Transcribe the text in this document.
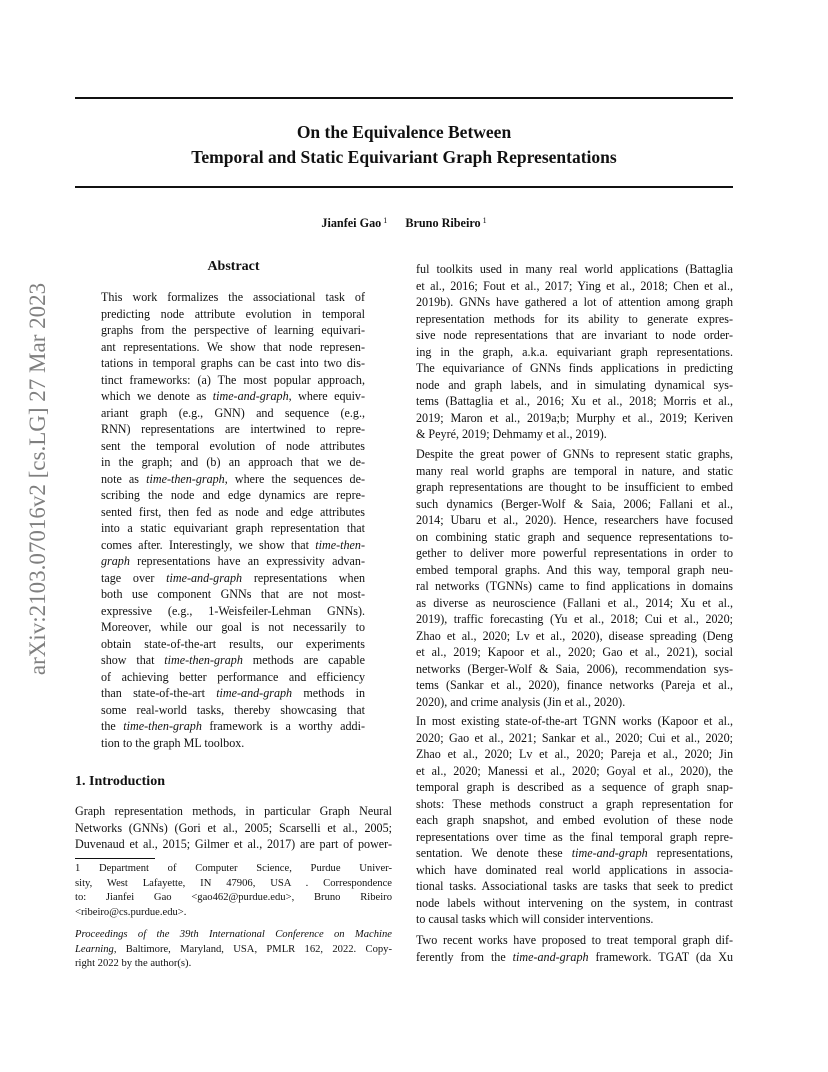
On the Equivalence Between
Temporal and Static Equivariant Graph Representations
Jianfei Gao $^1$ Bruno Ribeiro $^1$
arXiv:2103.07016v2 [cs.LG] 27 Mar 2023
Abstract
This work formalizes the associational task of
predicting node attribute evolution in temporal
graphs from the perspective of learning equivari-
ant representations. We show that node represen-
tations in temporal graphs can be cast into two dis-
tinct frameworks: (a) The most popular approach,
which we denote as time-and-graph, where equiv-
ariant graph (e.g., GNN) and sequence (e.g.,
RNN) representations are intertwined to repre-
sent the temporal evolution of node attributes
in the graph; and (b) an approach that we de-
note as time-then-graph, where the sequences de-
scribing the node and edge dynamics are repre-
sented first, then fed as node and edge attributes
into a static equivariant graph representation that
comes after. Interestingly, we show that time-then-
graph representations have an expressivity advan-
tage over time-and-graph representations when
both use component GNNs that are not most-
expressive (e.g., 1-Weisfeiler-Lehman GNNs).
Moreover, while our goal is not necessarily to
obtain state-of-the-art results, our experiments
show that time-then-graph methods are capable
of achieving better performance and efficiency
than state-of-the-art time-and-graph methods in
some real-world tasks, thereby showcasing that
the time-then-graph framework is a worthy addi-
tion to the graph ML toolbox.
1. Introduction
Graph representation methods, in particular Graph Neural
Networks (GNNs) (Gori et al., 2005; Scarselli et al., 2005;
Duvenaud et al., 2015; Gilmer et al., 2017) are part of power-
1 Department of Computer Science, Purdue Univer-
sity, West Lafayette, IN 47906, USA . Correspondence
to: Jianfei Gao <gao462@purdue.edu>, Bruno Ribeiro
<ribeiro@cs.purdue.edu>.
Proceedings of the 39th International Conference on Machine
Learning, Baltimore, Maryland, USA, PMLR 162, 2022. Copy-
right 2022 by the author(s).
ful toolkits used in many real world applications (Battaglia
et al., 2016; Fout et al., 2017; Ying et al., 2018; Chen et al.,
2019b). GNNs have gathered a lot of attention among graph
representation methods for its ability to generate expres-
sive node representations that are invariant to node order-
ing in the graph, a.k.a. equivariant graph representations.
The equivariance of GNNs finds applications in predicting
node and graph labels, and in simulating dynamical sys-
tems (Battaglia et al., 2016; Xu et al., 2018; Morris et al.,
2019; Maron et al., 2019a;b; Murphy et al., 2019; Keriven
& Peyré, 2019; Dehmamy et al., 2019).
Despite the great power of GNNs to represent static graphs,
many real world graphs are temporal in nature, and static
graph representations are thought to be insufficient to embed
such dynamics (Berger-Wolf & Saia, 2006; Fallani et al.,
2014; Ubaru et al., 2020). Hence, researchers have focused
on combining static graph and sequence representations to-
gether to deliver more powerful representations in order to
embed temporal graphs. And this way, temporal graph neu-
ral networks (TGNNs) came to find applications in domains
as diverse as neuroscience (Fallani et al., 2014; Xu et al.,
2019), traffic forecasting (Yu et al., 2018; Cui et al., 2020;
Zhao et al., 2020; Lv et al., 2020), disease spreading (Deng
et al., 2019; Kapoor et al., 2020; Gao et al., 2021), social
networks (Berger-Wolf & Saia, 2006), recommendation sys-
tems (Sankar et al., 2020), finance networks (Pareja et al.,
2020), and crime analysis (Jin et al., 2020).
In most existing state-of-the-art TGNN works (Kapoor et al.,
2020; Gao et al., 2021; Sankar et al., 2020; Cui et al., 2020;
Zhao et al., 2020; Lv et al., 2020; Pareja et al., 2020; Jin
et al., 2020; Manessi et al., 2020; Goyal et al., 2020), the
temporal graph is described as a sequence of graph snap-
shots: These methods construct a graph representation for
each graph snapshot, and embed evolution of these node
representations over time as the final temporal graph repre-
sentation. We denote these time-and-graph representations,
which have dominated real world applications in associa-
tional tasks. Associational tasks are tasks that seek to predict
node labels without intervening on the system, in contrast
to causal tasks which will consider interventions.
Two recent works have proposed to treat temporal graph dif-
ferently from the time-and-graph framework. TGAT (da Xu
